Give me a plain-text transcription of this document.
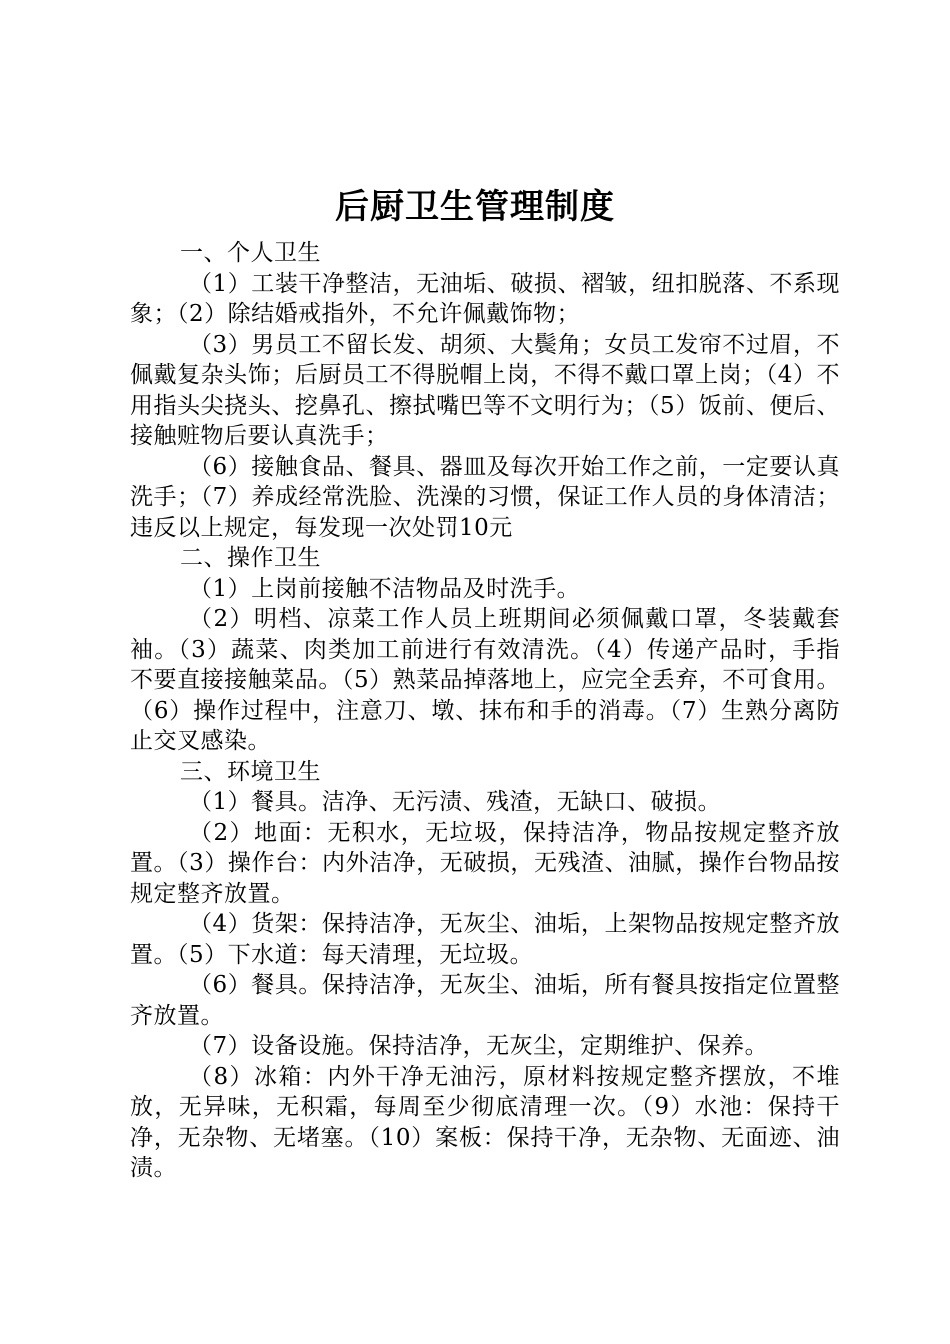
后厨卫生管理制度

一、个人卫生

（1）工装干净整洁，无油垢、破损、褶皱，纽扣脱落、不系现象；（2）除结婚戒指外，不允许佩戴饰物；

（3）男员工不留长发、胡须、大鬓角；女员工发帘不过眉，不佩戴复杂头饰；后厨员工不得脱帽上岗，不得不戴口罩上岗；（4）不用指头尖挠头、挖鼻孔、擦拭嘴巴等不文明行为；（5）饭前、便后、接触赃物后要认真洗手；

（6）接触食品、餐具、器皿及每次开始工作之前，一定要认真洗手；（7）养成经常洗脸、洗澡的习惯，保证工作人员的身体清洁；违反以上规定，每发现一次处罚10元

二、操作卫生

（1）上岗前接触不洁物品及时洗手。

（2）明档、凉菜工作人员上班期间必须佩戴口罩，冬装戴套袖。（3）蔬菜、肉类加工前进行有效清洗。（4）传递产品时，手指不要直接接触菜品。（5）熟菜品掉落地上，应完全丢弃，不可食用。（6）操作过程中，注意刀、墩、抹布和手的消毒。（7）生熟分离防止交叉感染。

三、环境卫生

（1）餐具。洁净、无污渍、残渣，无缺口、破损。

（2）地面：无积水，无垃圾，保持洁净，物品按规定整齐放置。（3）操作台：内外洁净，无破损，无残渣、油腻，操作台物品按规定整齐放置。

（4）货架：保持洁净，无灰尘、油垢，上架物品按规定整齐放置。（5）下水道：每天清理，无垃圾。

（6）餐具。保持洁净，无灰尘、油垢，所有餐具按指定位置整齐放置。

（7）设备设施。保持洁净，无灰尘，定期维护、保养。

（8）冰箱：内外干净无油污，原材料按规定整齐摆放，不堆放，无异味，无积霜，每周至少彻底清理一次。（9）水池：保持干净，无杂物、无堵塞。（10）案板：保持干净，无杂物、无面迹、油渍。
